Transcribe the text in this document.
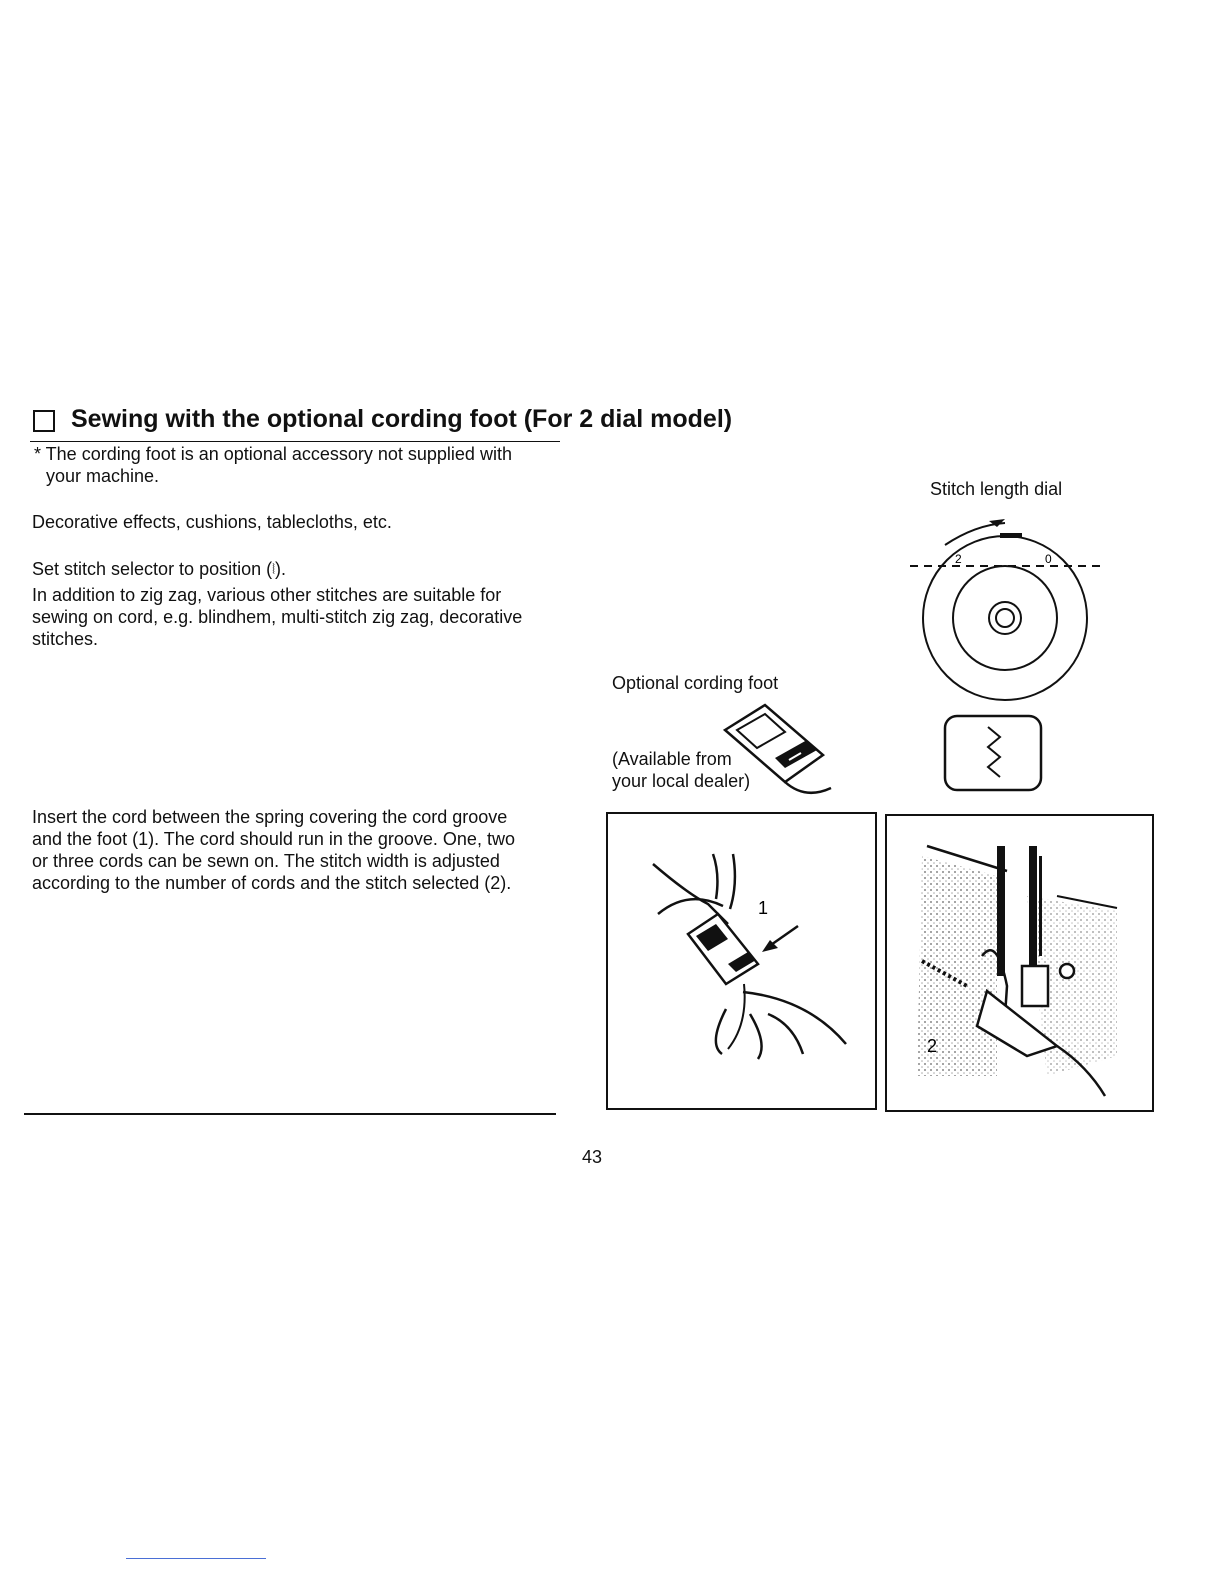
Sewing with the optional cording foot (For 2 dial model)
* The cording foot is an optional accessory not supplied with
your machine.
Decorative effects, cushions, tablecloths, etc.
Set stitch selector to position (⦚).
In addition to zig zag, various other stitches are suitable for
sewing on cord, e.g. blindhem, multi-stitch zig zag, decorative
stitches.
Insert the cord between the spring covering the cord groove
and the foot (1). The cord should run in the groove. One, two
or three cords can be sewn on. The stitch width is adjusted
according to the number of cords and the stitch selected (2).
Stitch length dial
2	0
Optional cording foot
(Available from
your local dealer)
1
2
43
